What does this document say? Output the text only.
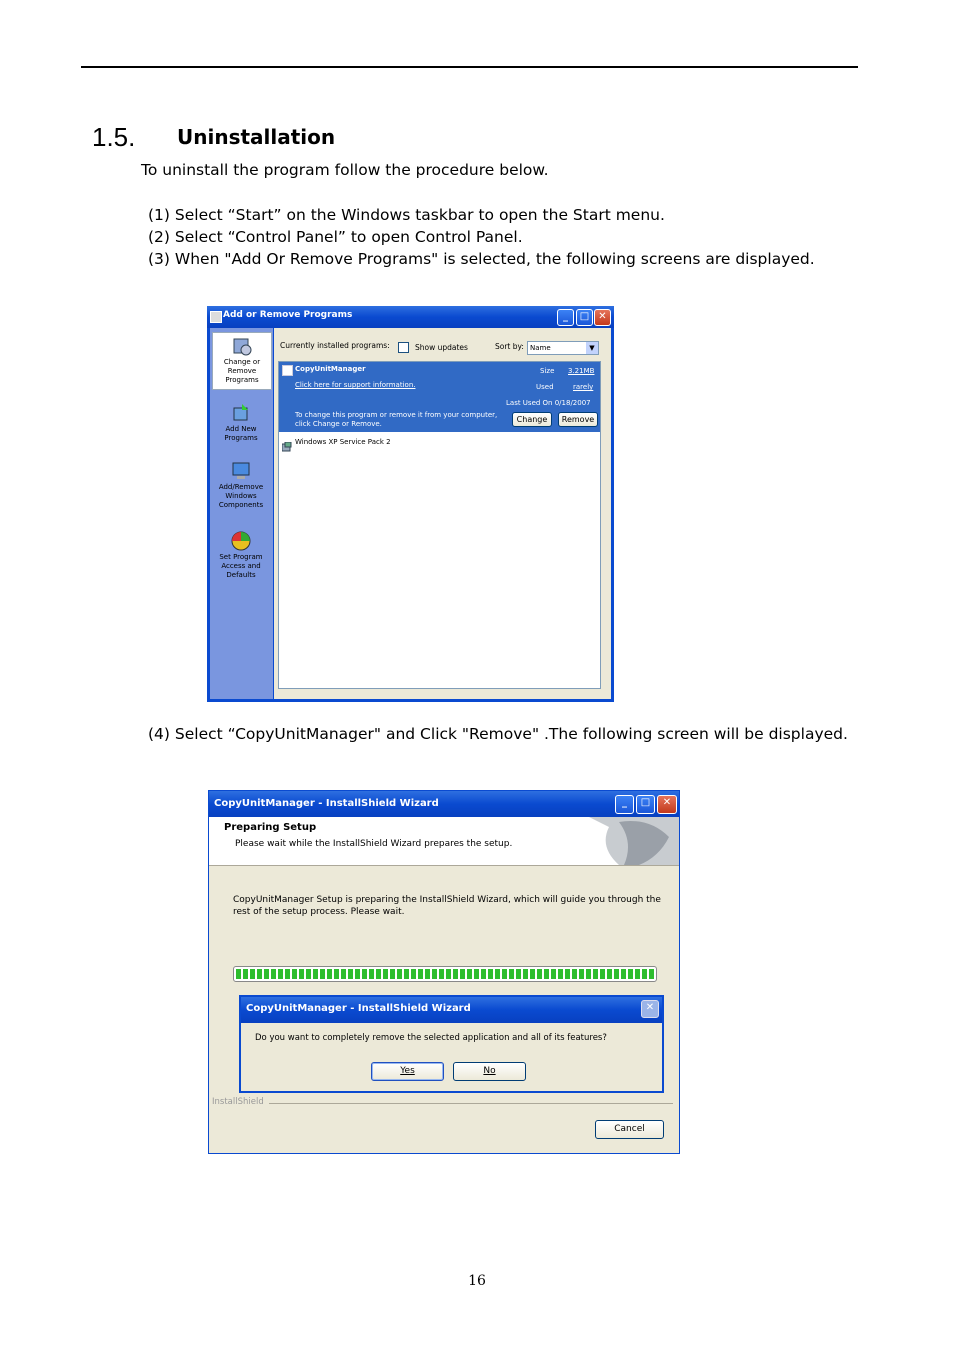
1.5. Uninstallation
To uninstall the program follow the procedure below.
(1) Select “Start” on the Windows taskbar to open the Start menu.
(2) Select “Control Panel” to open Control Panel.
(3) When "Add Or Remove Programs" is selected, the following screens are displayed.
Add or Remove Programs	_	□ ✕
Change or Remove Programs
Add New Programs
Add/Remove Windows Components
Set Program Access and Defaults
Currently installed programs:	Show updates	Sort by: Name	▼
CopyUnitManager
Click here for support information.
Size 3.21MB
Used	rarely
Last Used On 0/18/2007
To change this program or remove it from your computer, click Change or Remove.	Change	Remove
Windows XP Service Pack 2
(4) Select “CopyUnitManager" and Click "Remove" .The following screen will be displayed.
CopyUnitManager - InstallShield Wizard	_	□	✕
Preparing Setup
Please wait while the InstallShield Wizard prepares the setup.
CopyUnitManager Setup is preparing the InstallShield Wizard, which will guide you through the
rest of the setup process. Please wait.
CopyUnitManager - InstallShield Wizard	✕
Do you want to completely remove the selected application and all of its features?
Yes	No
InstallShield
Cancel
16
